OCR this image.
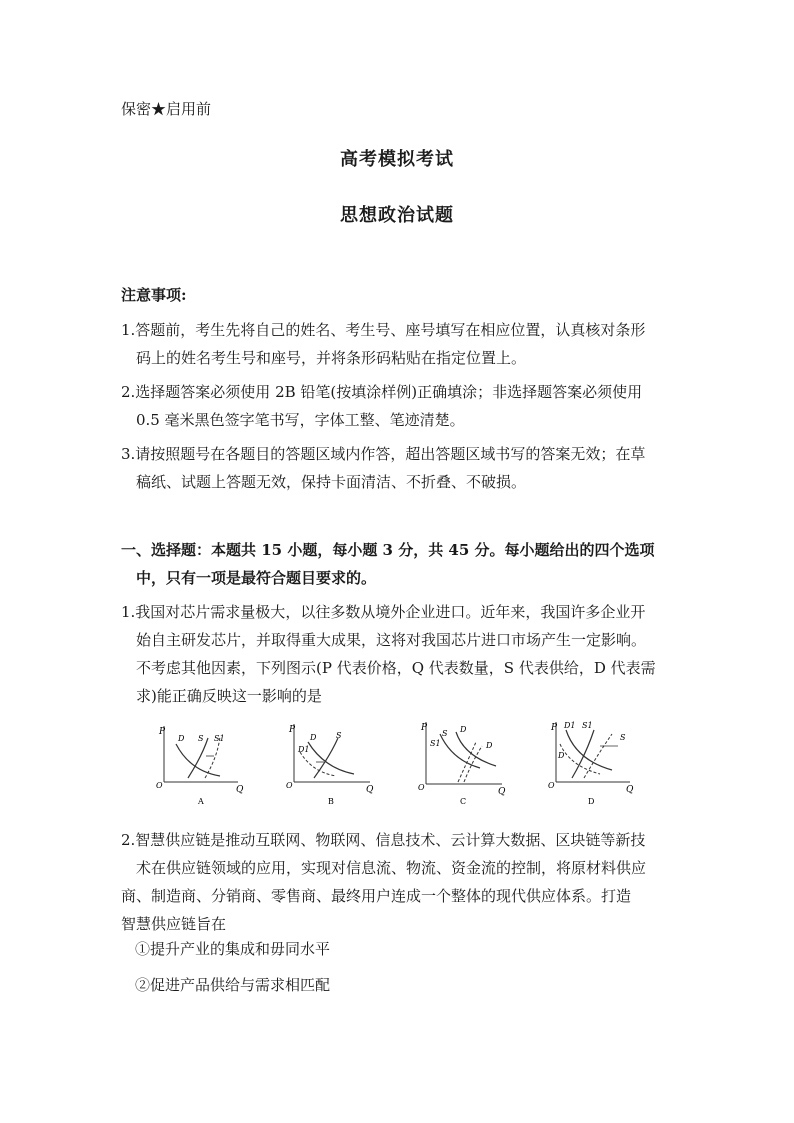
保密★启用前
高考模拟考试
思想政治试题
注意事项:
1.答题前，考生先将自己的姓名、考生号、座号填写在相应位置，认真核对条形
码上的姓名考生号和座号，并将条形码粘贴在指定位置上。
2.选择题答案必须使用 2B 铅笔(按填涂样例)正确填涂；非选择题答案必须使用
0.5 毫米黑色签字笔书写，字体工整、笔迹清楚。
3.请按照题号在各题目的答题区域内作答，超出答题区域书写的答案无效；在草
稿纸、试题上答题无效，保持卡面清洁、不折叠、不破损。
一、选择题：本题共 15 小题，每小题 3 分，共 45 分。每小题给出的四个选项
中，只有一项是最符合题目要求的。
1.我国对芯片需求量极大，以往多数从境外企业进口。近年来，我国许多企业开
始自主研发芯片，并取得重大成果，这将对我国芯片进口市场产生一定影响。
不考虑其他因素，下列图示(P 代表价格，Q 代表数量，S 代表供给，D 代表需
求)能正确反映这一影响的是
P
Q
O
D S S1
A
P
Q
O
D
D1
S
B
P
Q
O
S1
S D
D
C
P
Q
O
D1 S1
D
S
D
2.智慧供应链是推动互联网、物联网、信息技术、云计算大数据、区块链等新技
术在供应链领域的应用，实现对信息流、物流、资金流的控制，将原材料供应
商、制造商、分销商、零售商、最终用户连成一个整体的现代供应体系。打造
智慧供应链旨在
①提升产业的集成和毋同水平
②促进产品供给与需求相匹配
